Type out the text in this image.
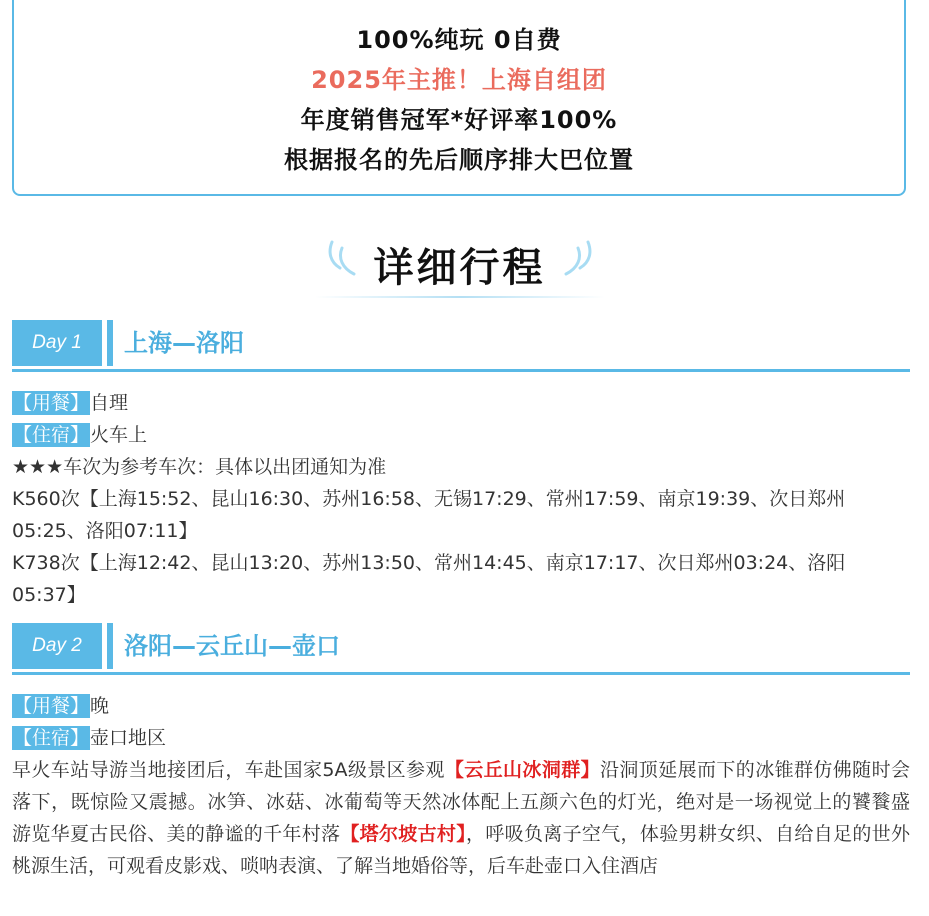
100%纯玩 0自费
2025年主推！上海自组团
年度销售冠军*好评率100%
根据报名的先后顺序排大巴位置
详细行程
Day 1	上海—洛阳
【用餐】自理
【住宿】火车上
★★★车次为参考车次：具体以出团通知为准
K560次【上海15:52、昆山16:30、苏州16:58、无锡17:29、常州17:59、南京19:39、次日郑州
05:25、洛阳07:11】
K738次【上海12:42、昆山13:20、苏州13:50、常州14:45、南京17:17、次日郑州03:24、洛阳
05:37】
Day 2	洛阳—云丘山—壶口
【用餐】晚
【住宿】壶口地区
早火车站导游当地接团后，车赴国家5A级景区参观【云丘山冰洞群】沿洞顶延展而下的冰锥群仿佛随时会落下，既惊险又震撼。冰笋、冰菇、冰葡萄等天然冰体配上五颜六色的灯光，绝对是一场视觉上的饕餮盛 游览华夏古民俗、美的静谧的千年村落【塔尔坡古村】，呼吸负离子空气，体验男耕女织、自给自足的世外桃源生活，可观看皮影戏、唢呐表演、了解当地婚俗等，后车赴壶口入住酒店
